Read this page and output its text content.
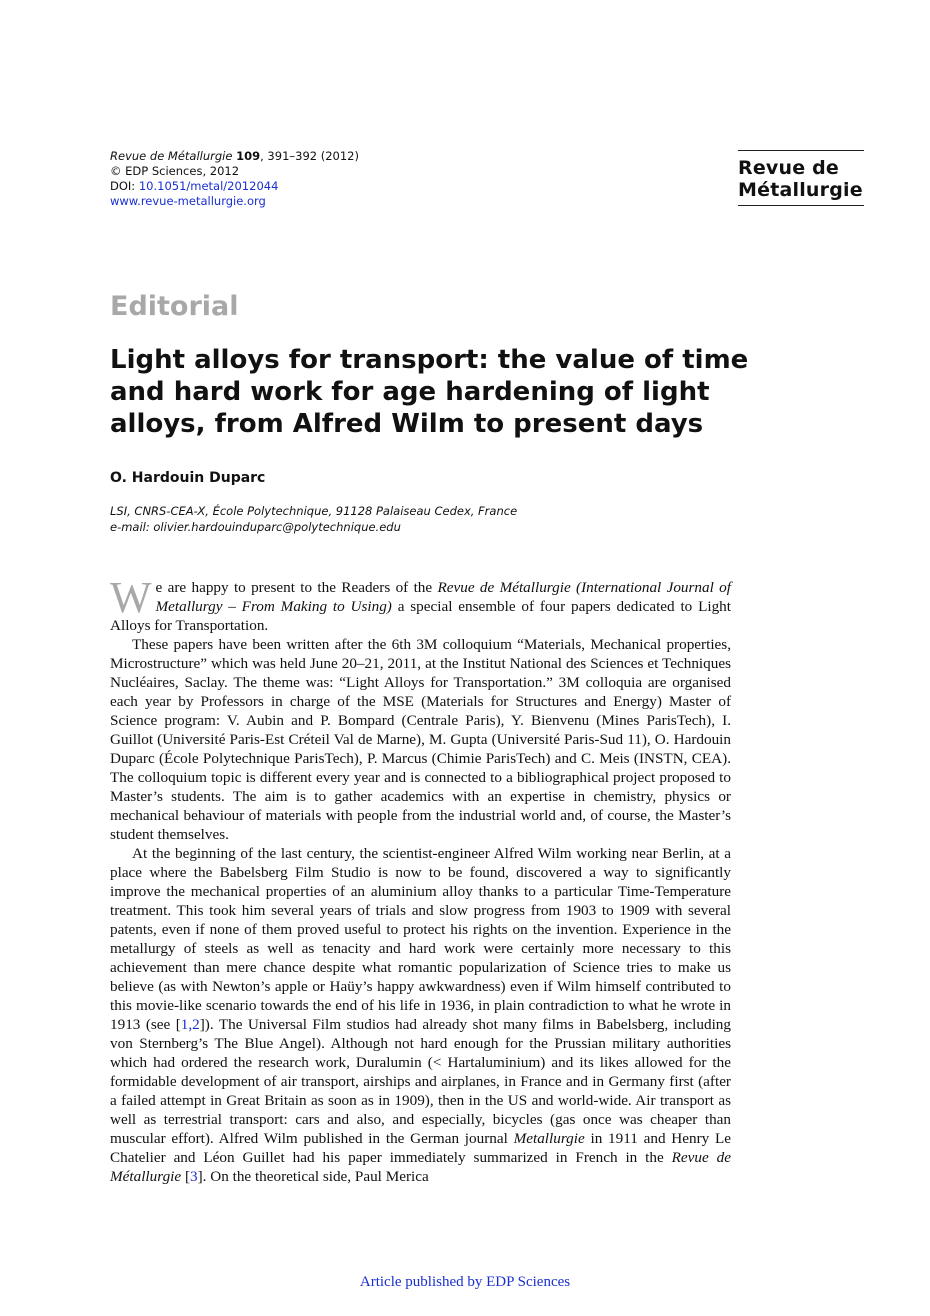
Revue de Métallurgie 109, 391–392 (2012)
© EDP Sciences, 2012
DOI: 10.1051/metal/2012044
www.revue-metallurgie.org
Revue de
Métallurgie
Editorial
Light alloys for transport: the value of time and hard work for age hardening of light alloys, from Alfred Wilm to present days
O. Hardouin Duparc
LSI, CNRS-CEA-X, École Polytechnique, 91128 Palaiseau Cedex, France
e-mail: olivier.hardouinduparc@polytechnique.edu

We are happy to present to the Readers of the Revue de Métallurgie (International Journal of Metallurgy – From Making to Using) a special ensemble of four papers dedicated to Light Alloys for Transportation.

These papers have been written after the 6th 3M colloquium “Materials, Mechanical properties, Microstructure” which was held June 20–21, 2011, at the Institut National des Sciences et Techniques Nucléaires, Saclay. The theme was: “Light Alloys for Transportation.” 3M colloquia are organised each year by Professors in charge of the MSE (Materials for Structures and Energy) Master of Science program: V. Aubin and P. Bompard (Centrale Paris), Y. Bienvenu (Mines ParisTech), I. Guillot (Université Paris-Est Créteil Val de Marne), M. Gupta (Université Paris-Sud 11), O. Hardouin Duparc (École Polytechnique ParisTech), P. Marcus (Chimie ParisTech) and C. Meis (INSTN, CEA). The colloquium topic is different every year and is connected to a bibliographical project proposed to Master’s students. The aim is to gather academics with an expertise in chemistry, physics or mechanical behaviour of materials with people from the industrial world and, of course, the Master’s student themselves.

At the beginning of the last century, the scientist-engineer Alfred Wilm working near Berlin, at a place where the Babelsberg Film Studio is now to be found, discovered a way to significantly improve the mechanical properties of an aluminium alloy thanks to a particular Time-Temperature treatment. This took him several years of trials and slow progress from 1903 to 1909 with several patents, even if none of them proved useful to protect his rights on the invention. Experience in the metallurgy of steels as well as tenacity and hard work were certainly more necessary to this achievement than mere chance despite what romantic popularization of Science tries to make us believe (as with Newton’s apple or Haüy’s happy awkwardness) even if Wilm himself contributed to this movie-like scenario towards the end of his life in 1936, in plain contradiction to what he wrote in 1913 (see [1,2]). The Universal Film studios had already shot many films in Babelsberg, including von Sternberg’s The Blue Angel). Although not hard enough for the Prussian military authorities which had ordered the research work, Duralumin (< Hartaluminium) and its likes allowed for the formidable development of air transport, airships and airplanes, in France and in Germany first (after a failed attempt in Great Britain as soon as in 1909), then in the US and world-wide. Air transport as well as terrestrial transport: cars and also, and especially, bicycles (gas once was cheaper than muscular effort). Alfred Wilm published in the German journal Metallurgie in 1911 and Henry Le Chatelier and Léon Guillet had his paper immediately summarized in French in the Revue de Métallurgie [3]. On the theoretical side, Paul Merica

Article published by EDP Sciences
